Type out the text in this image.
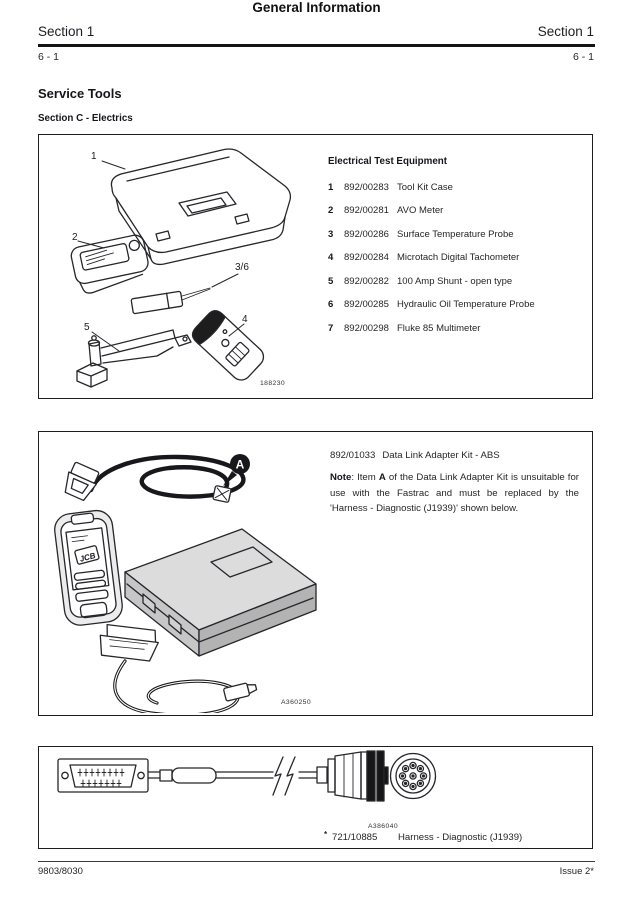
Section 1
General Information
Section 1
6 - 1	6 - 1
Service Tools
Section C - Electrics
1
2
3/6
5
4
Electrical Test Equipment
1	892/00283 Tool Kit Case
2	892/00281 AVO Meter
3	892/00286 Surface Temperature Probe
4	892/00284 Microtach Digital Tachometer
5	892/00282 100 Amp Shunt - open type
6	892/00285 Hydraulic Oil Temperature Probe
7	892/00298 Fluke 85 Multimeter
188230
A
JCB
892/01033 Data Link Adapter Kit - ABS
Note: Item A of the Data Link Adapter Kit is unsuitable for use with the Fastrac and must be replaced by the 'Harness - Diagnostic (J1939)' shown below.
A360250
A386040
* 721/10885	Harness - Diagnostic (J1939)
9803/8030	Issue 2*
